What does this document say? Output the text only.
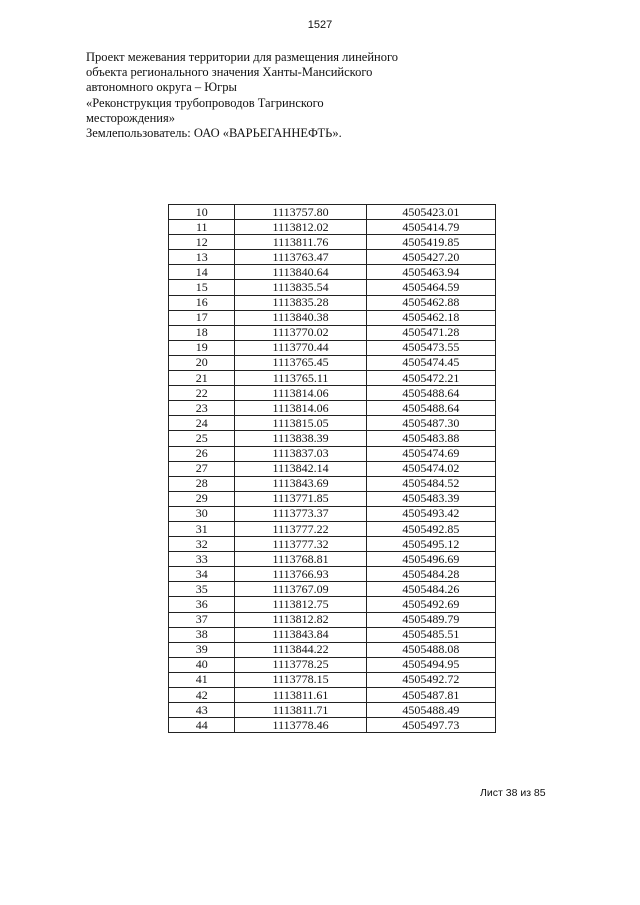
1527
Проект межевания территории для размещения линейного
объекта регионального значения Ханты-Мансийского
автономного округа – Югры
«Реконструкция трубопроводов Тагринского
месторождения»
Землепользователь: ОАО «ВАРЬЕГАННЕФТЬ».
10	1113757.80	4505423.01
11	1113812.02	4505414.79
12	1113811.76	4505419.85
13	1113763.47	4505427.20
14	1113840.64	4505463.94
15	1113835.54	4505464.59
16	1113835.28	4505462.88
17	1113840.38	4505462.18
18	1113770.02	4505471.28
19	1113770.44	4505473.55
20	1113765.45	4505474.45
21	1113765.11	4505472.21
22	1113814.06	4505488.64
23	1113814.06	4505488.64
24	1113815.05	4505487.30
25	1113838.39	4505483.88
26	1113837.03	4505474.69
27	1113842.14	4505474.02
28	1113843.69	4505484.52
29	1113771.85	4505483.39
30	1113773.37	4505493.42
31	1113777.22	4505492.85
32	1113777.32	4505495.12
33	1113768.81	4505496.69
34	1113766.93	4505484.28
35	1113767.09	4505484.26
36	1113812.75	4505492.69
37	1113812.82	4505489.79
38	1113843.84	4505485.51
39	1113844.22	4505488.08
40	1113778.25	4505494.95
41	1113778.15	4505492.72
42	1113811.61	4505487.81
43	1113811.71	4505488.49
44	1113778.46	4505497.73
Лист 38 из 85
